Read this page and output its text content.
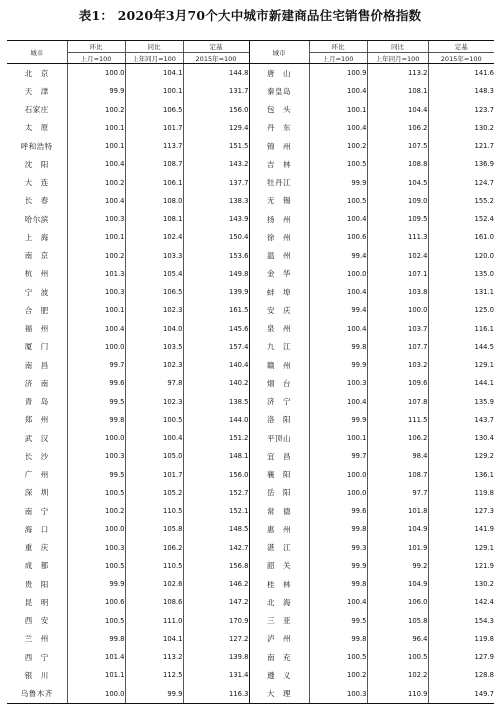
表1： 2020年3月70个大中城市新建商品住宅销售价格指数
城市	环比	同比	定基	城市	环比	同比	定基
	上月=100	上年同月=100	2015年=100		上月=100	上年同月=100	2015年=100
北　京	100.0	104.1	144.8	唐　山	100.9	113.2	141.6
天　津	99.9	100.1	131.7	秦皇岛	100.4	108.1	148.3
石家庄	100.2	106.5	156.0	包　头	100.1	104.4	123.7
太　原	100.1	101.7	129.4	丹　东	100.4	106.2	130.2
呼和浩特	100.1	113.7	151.5	锦　州	100.2	107.5	121.7
沈　阳	100.4	108.7	143.2	吉　林	100.5	108.8	136.9
大　连	100.2	106.1	137.7	牡丹江	99.9	104.5	124.7
长　春	100.4	108.0	138.3	无　锡	100.5	109.0	155.2
哈尔滨	100.3	108.1	143.9	扬　州	100.4	109.5	152.4
上　海	100.1	102.4	150.4	徐　州	100.6	111.3	161.0
南　京	100.2	103.3	153.6	温　州	99.4	102.4	120.0
杭　州	101.3	105.4	149.8	金　华	100.0	107.1	135.0
宁　波	100.3	106.5	139.9	蚌　埠	100.4	103.8	131.1
合　肥	100.1	102.3	161.5	安　庆	99.4	100.0	125.0
福　州	100.4	104.0	145.6	泉　州	100.4	103.7	116.1
厦　门	100.0	103.5	157.4	九　江	99.8	107.7	144.5
南　昌	99.7	102.3	140.4	赣　州	99.9	103.2	129.1
济　南	99.6	97.8	140.2	烟　台	100.3	109.6	144.1
青　岛	99.5	102.3	138.5	济　宁	100.4	107.8	135.9
郑　州	99.8	100.5	144.0	洛　阳	99.9	111.5	143.7
武　汉	100.0	100.4	151.2	平顶山	100.1	106.2	130.4
长　沙	100.3	105.0	148.1	宜　昌	99.7	98.4	129.2
广　州	99.5	101.7	156.0	襄　阳	100.0	108.7	136.1
深　圳	100.5	105.2	152.7	岳　阳	100.0	97.7	119.8
南　宁	100.2	110.5	152.1	常　德	99.6	101.8	127.3
海　口	100.0	105.8	148.5	惠　州	99.8	104.9	141.9
重　庆	100.3	106.2	142.7	湛　江	99.3	101.9	129.1
成　都	100.5	110.5	156.8	韶　关	99.9	99.2	121.9
贵　阳	99.9	102.6	146.2	桂　林	99.8	104.9	130.2
昆　明	100.6	108.6	147.2	北　海	100.4	106.0	142.4
西　安	100.5	111.0	170.9	三　亚	99.5	105.8	154.3
兰　州	99.8	104.1	127.2	泸　州	99.8	96.4	119.8
西　宁	101.4	113.2	139.8	南　充	100.5	100.5	127.9
银　川	101.1	112.5	131.4	遵　义	100.2	102.2	128.8
乌鲁木齐	100.0	99.9	116.3	大　理	100.3	110.9	149.7
